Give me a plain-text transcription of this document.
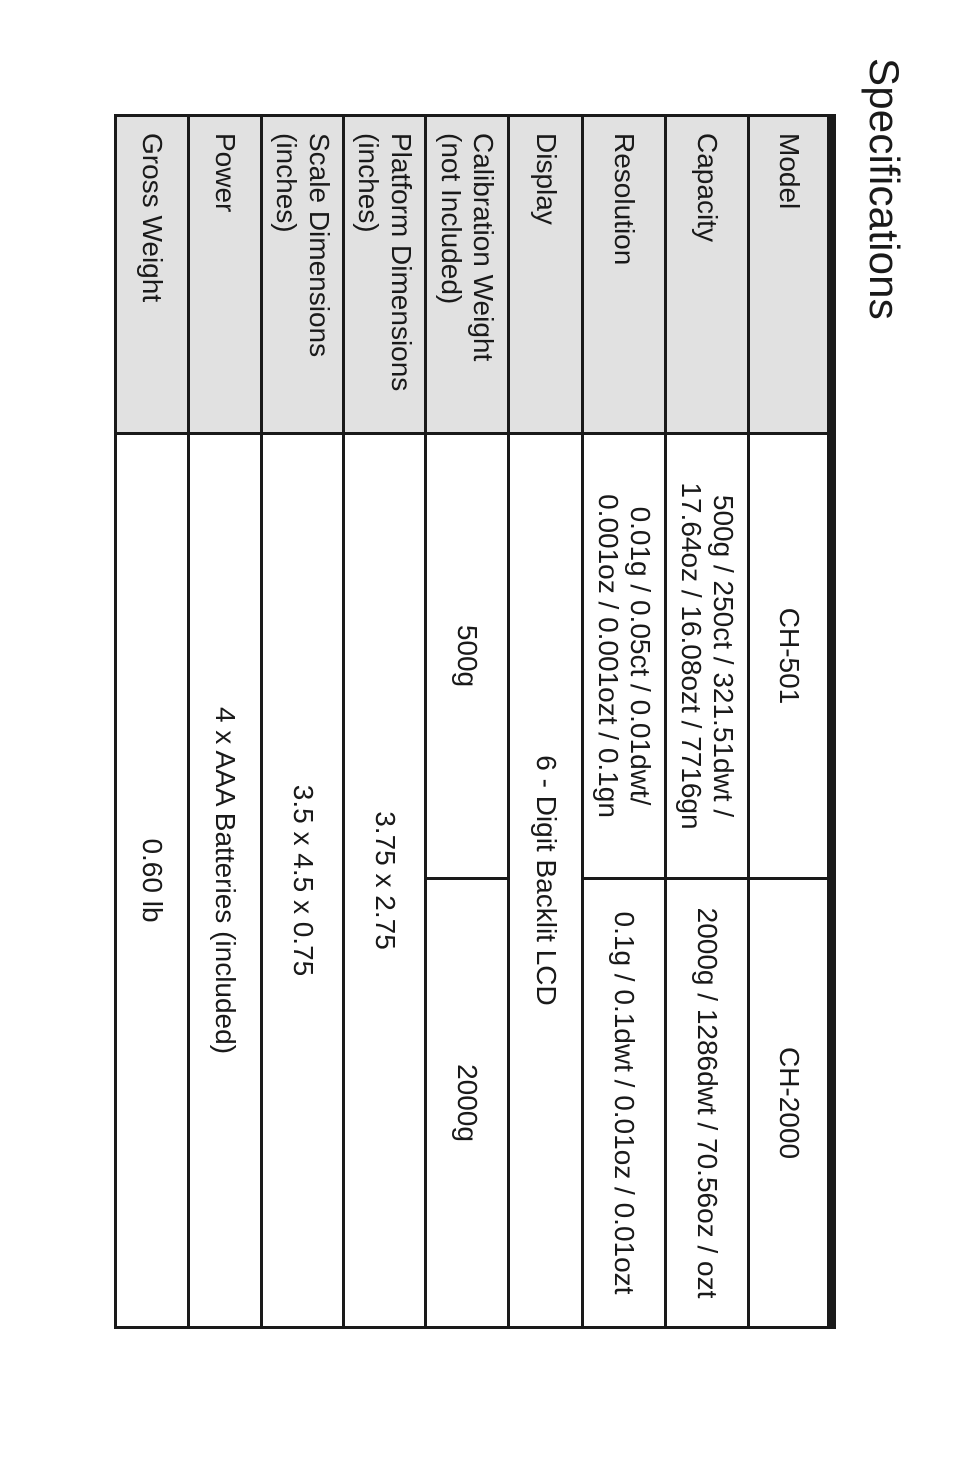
Specifications
Model	CH-501	CH-2000

Capacity	500g / 250ct / 321.51dwt /
17.64oz / 16.08ozt / 7716gn	2000g / 1286dwt / 70.56oz / ozt

Resolution	0.01g / 0.05ct / 0.01dwt/
0.001oz / 0.001ozt / 0.1gn	0.1g / 0.1dwt / 0.01oz / 0.01ozt

Display	6 - Digit Backlit LCD	

Calibration Weight
(not Included)	500g	2000g

Platform Dimensions
(inches)	3.75 x 2.75	

Scale Dimensions
(inches)	3.5 x 4.5 x 0.75	

Power	4 x AAA Batteries (included)	

Gross Weight	0.60 lb	
